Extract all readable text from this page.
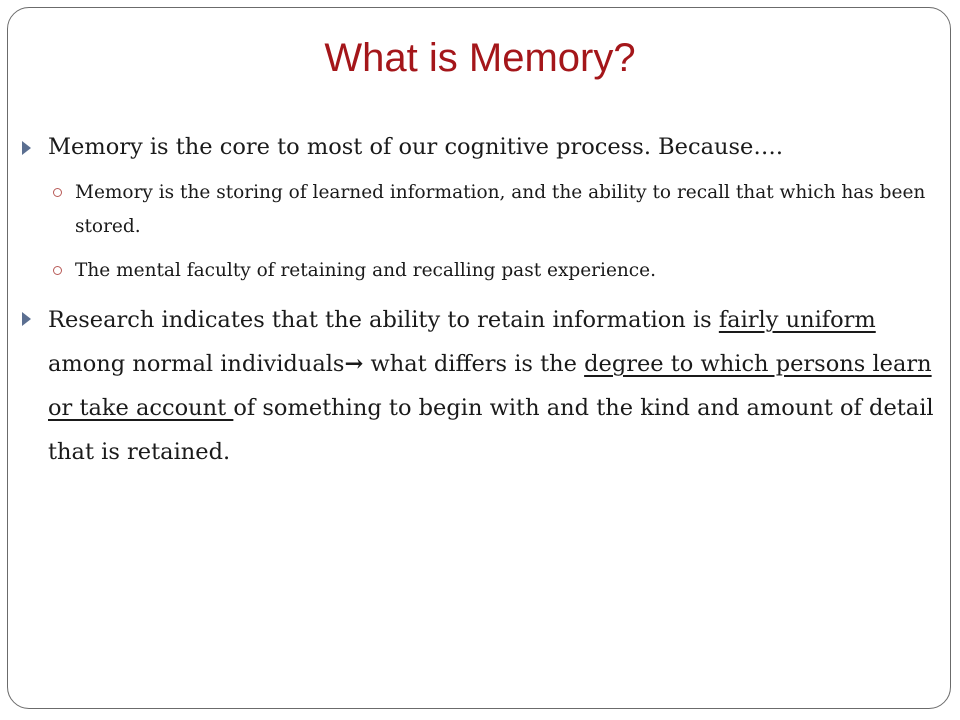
What is Memory?
Memory is the core to most of our cognitive process. Because….
Memory is the storing of learned information, and the ability to recall that which has been stored.
The mental faculty of retaining and recalling past experience.
Research indicates that the ability to retain information is fairly uniform among normal individuals→ what differs is the degree to which persons learn or take account of something to begin with and the kind and amount of detail that is retained.
